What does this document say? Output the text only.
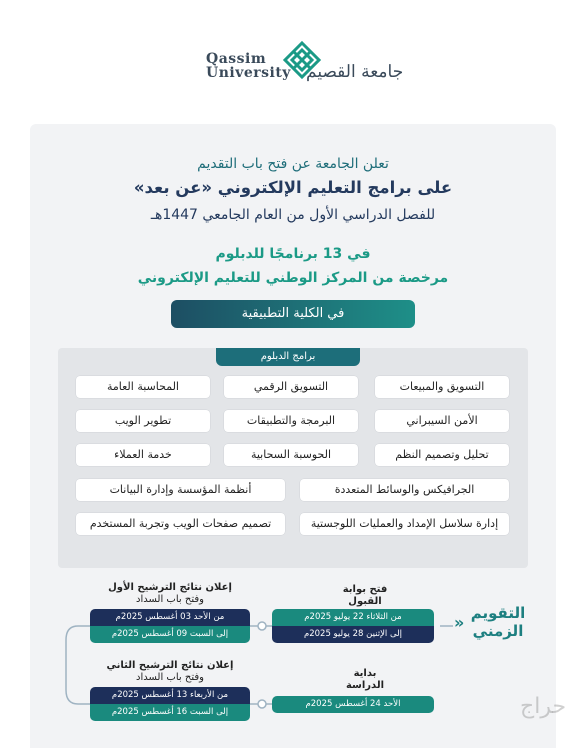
Qassim
University جامعة القصيم
تعلن الجامعة عن فتح باب التقديم
على برامج التعليم الإلكتروني «عن بعد»
للفصل الدراسي الأول من العام الجامعي 1447هـ
في 13 برنامجًا للدبلوم
مرخصة من المركز الوطني للتعليم الإلكتروني
في الكلية التطبيقية
برامج الدبلوم
التسويق والمبيعات
التسويق الرقمي
المحاسبة العامة
الأمن السيبراني
البرمجة والتطبيقات
تطوير الويب
تحليل وتصميم النظم
الحوسبة السحابية
خدمة العملاء
الجرافيكس والوسائط المتعددة
أنظمة المؤسسة وإدارة البيانات
إدارة سلاسل الإمداد والعمليات اللوجستية
تصميم صفحات الويب وتجربة المستخدم
التقويم
الزمني
«
فتح بوابة
القبول
من الثلاثاء 22 يوليو 2025م
إلى الإثنين 28 يوليو 2025م
إعلان نتائج الترشيح الأول
وفتح باب السداد
من الأحد 03 أغسطس 2025م
إلى السبت 09 أغسطس 2025م
إعلان نتائج الترشيح الثاني
وفتح باب السداد
من الأربعاء 13 أغسطس 2025م
إلى السبت 16 أغسطس 2025م
بداية
الدراسة
الأحد 24 أغسطس 2025م	حراج
